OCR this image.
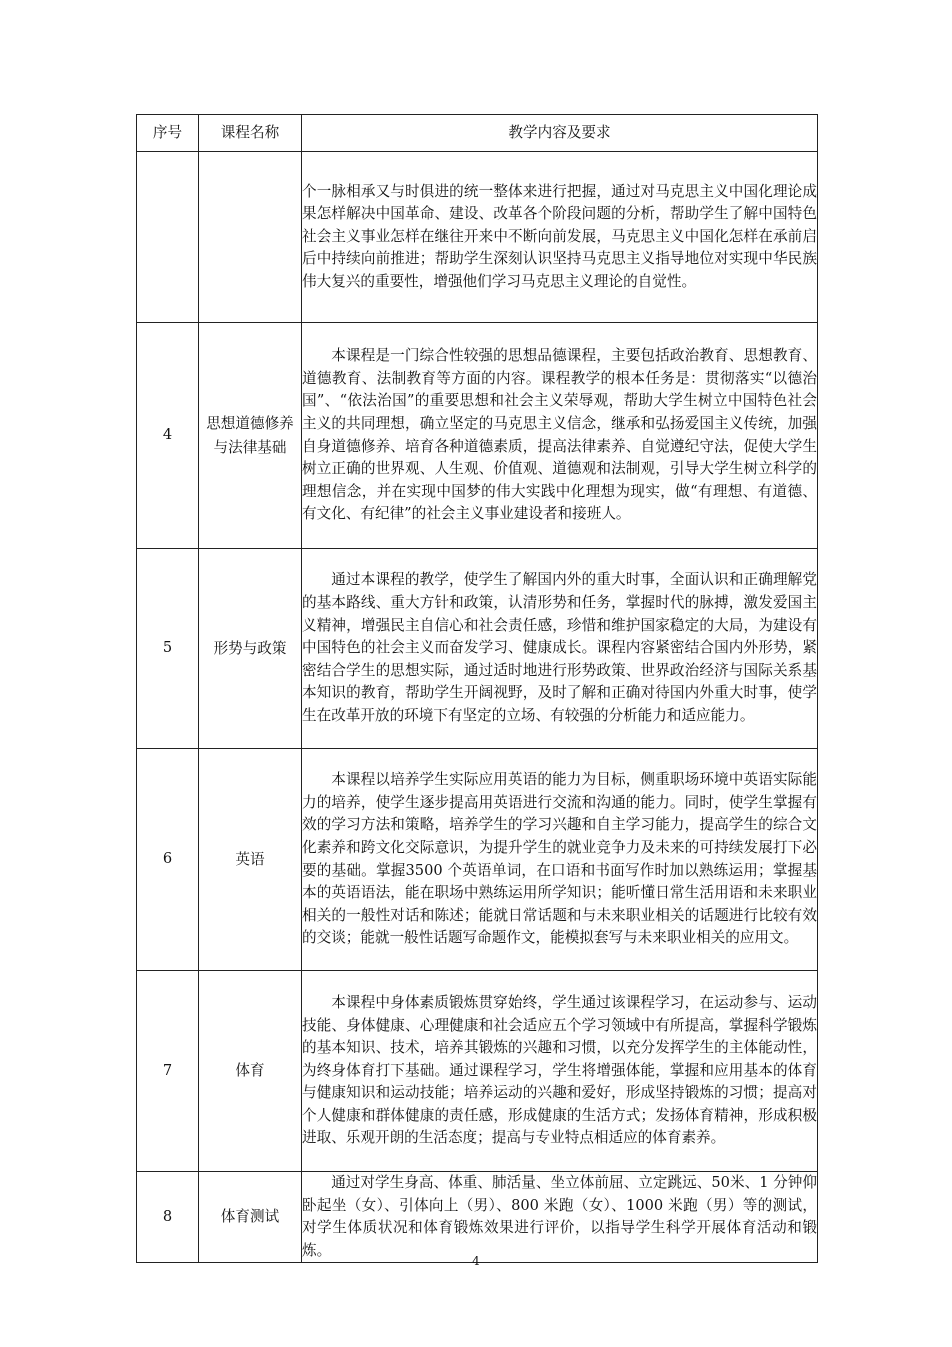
序号	课程名称	教学内容及要求

		个一脉相承又与时俱进的统一整体来进行把握，通过对马克思主义中国化理论成果怎样解决中国革命、建设、改革各个阶段问题的分析，帮助学生了解中国特色社会主义事业怎样在继往开来中不断向前发展，马克思主义中国化怎样在承前启后中持续向前推进；帮助学生深刻认识坚持马克思主义指导地位对实现中华民族伟大复兴的重要性，增强他们学习马克思主义理论的自觉性。

4	思想道德修养与法律基础	本课程是一门综合性较强的思想品德课程，主要包括政治教育、思想教育、道德教育、法制教育等方面的内容。课程教学的根本任务是：贯彻落实“以德治国”、“依法治国”的重要思想和社会主义荣辱观，帮助大学生树立中国特色社会主义的共同理想，确立坚定的马克思主义信念，继承和弘扬爱国主义传统，加强自身道德修养、培育各种道德素质，提高法律素养、自觉遵纪守法，促使大学生树立正确的世界观、人生观、价值观、道德观和法制观，引导大学生树立科学的理想信念，并在实现中国梦的伟大实践中化理想为现实，做“有理想、有道德、有文化、有纪律”的社会主义事业建设者和接班人。

5	形势与政策	通过本课程的教学，使学生了解国内外的重大时事，全面认识和正确理解党的基本路线、重大方针和政策，认清形势和任务，掌握时代的脉搏，激发爱国主义精神，增强民主自信心和社会责任感，珍惜和维护国家稳定的大局，为建设有中国特色的社会主义而奋发学习、健康成长。课程内容紧密结合国内外形势，紧密结合学生的思想实际，通过适时地进行形势政策、世界政治经济与国际关系基本知识的教育，帮助学生开阔视野，及时了解和正确对待国内外重大时事，使学生在改革开放的环境下有坚定的立场、有较强的分析能力和适应能力。

6	英语	本课程以培养学生实际应用英语的能力为目标，侧重职场环境中英语实际能力的培养，使学生逐步提高用英语进行交流和沟通的能力。同时，使学生掌握有效的学习方法和策略，培养学生的学习兴趣和自主学习能力，提高学生的综合文化素养和跨文化交际意识，为提升学生的就业竞争力及未来的可持续发展打下必要的基础。掌握3500 个英语单词，在口语和书面写作时加以熟练运用；掌握基本的英语语法，能在职场中熟练运用所学知识；能听懂日常生活用语和未来职业相关的一般性对话和陈述；能就日常话题和与未来职业相关的话题进行比较有效的交谈；能就一般性话题写命题作文，能模拟套写与未来职业相关的应用文。

7	体育	本课程中身体素质锻炼贯穿始终，学生通过该课程学习，在运动参与、运动技能、身体健康、心理健康和社会适应五个学习领域中有所提高，掌握科学锻炼的基本知识、技术，培养其锻炼的兴趣和习惯，以充分发挥学生的主体能动性，为终身体育打下基础。通过课程学习，学生将增强体能，掌握和应用基本的体育与健康知识和运动技能；培养运动的兴趣和爱好，形成坚持锻炼的习惯；提高对个人健康和群体健康的责任感，形成健康的生活方式；发扬体育精神，形成积极进取、乐观开朗的生活态度；提高与专业特点相适应的体育素养。

8	体育测试	通过对学生身高、体重、肺活量、坐立体前屈、立定跳远、50米、1 分钟仰卧起坐（女）、引体向上（男）、800 米跑（女）、1000 米跑（男）等的测试，对学生体质状况和体育锻炼效果进行评价，以指导学生科学开展体育活动和锻炼。

4
